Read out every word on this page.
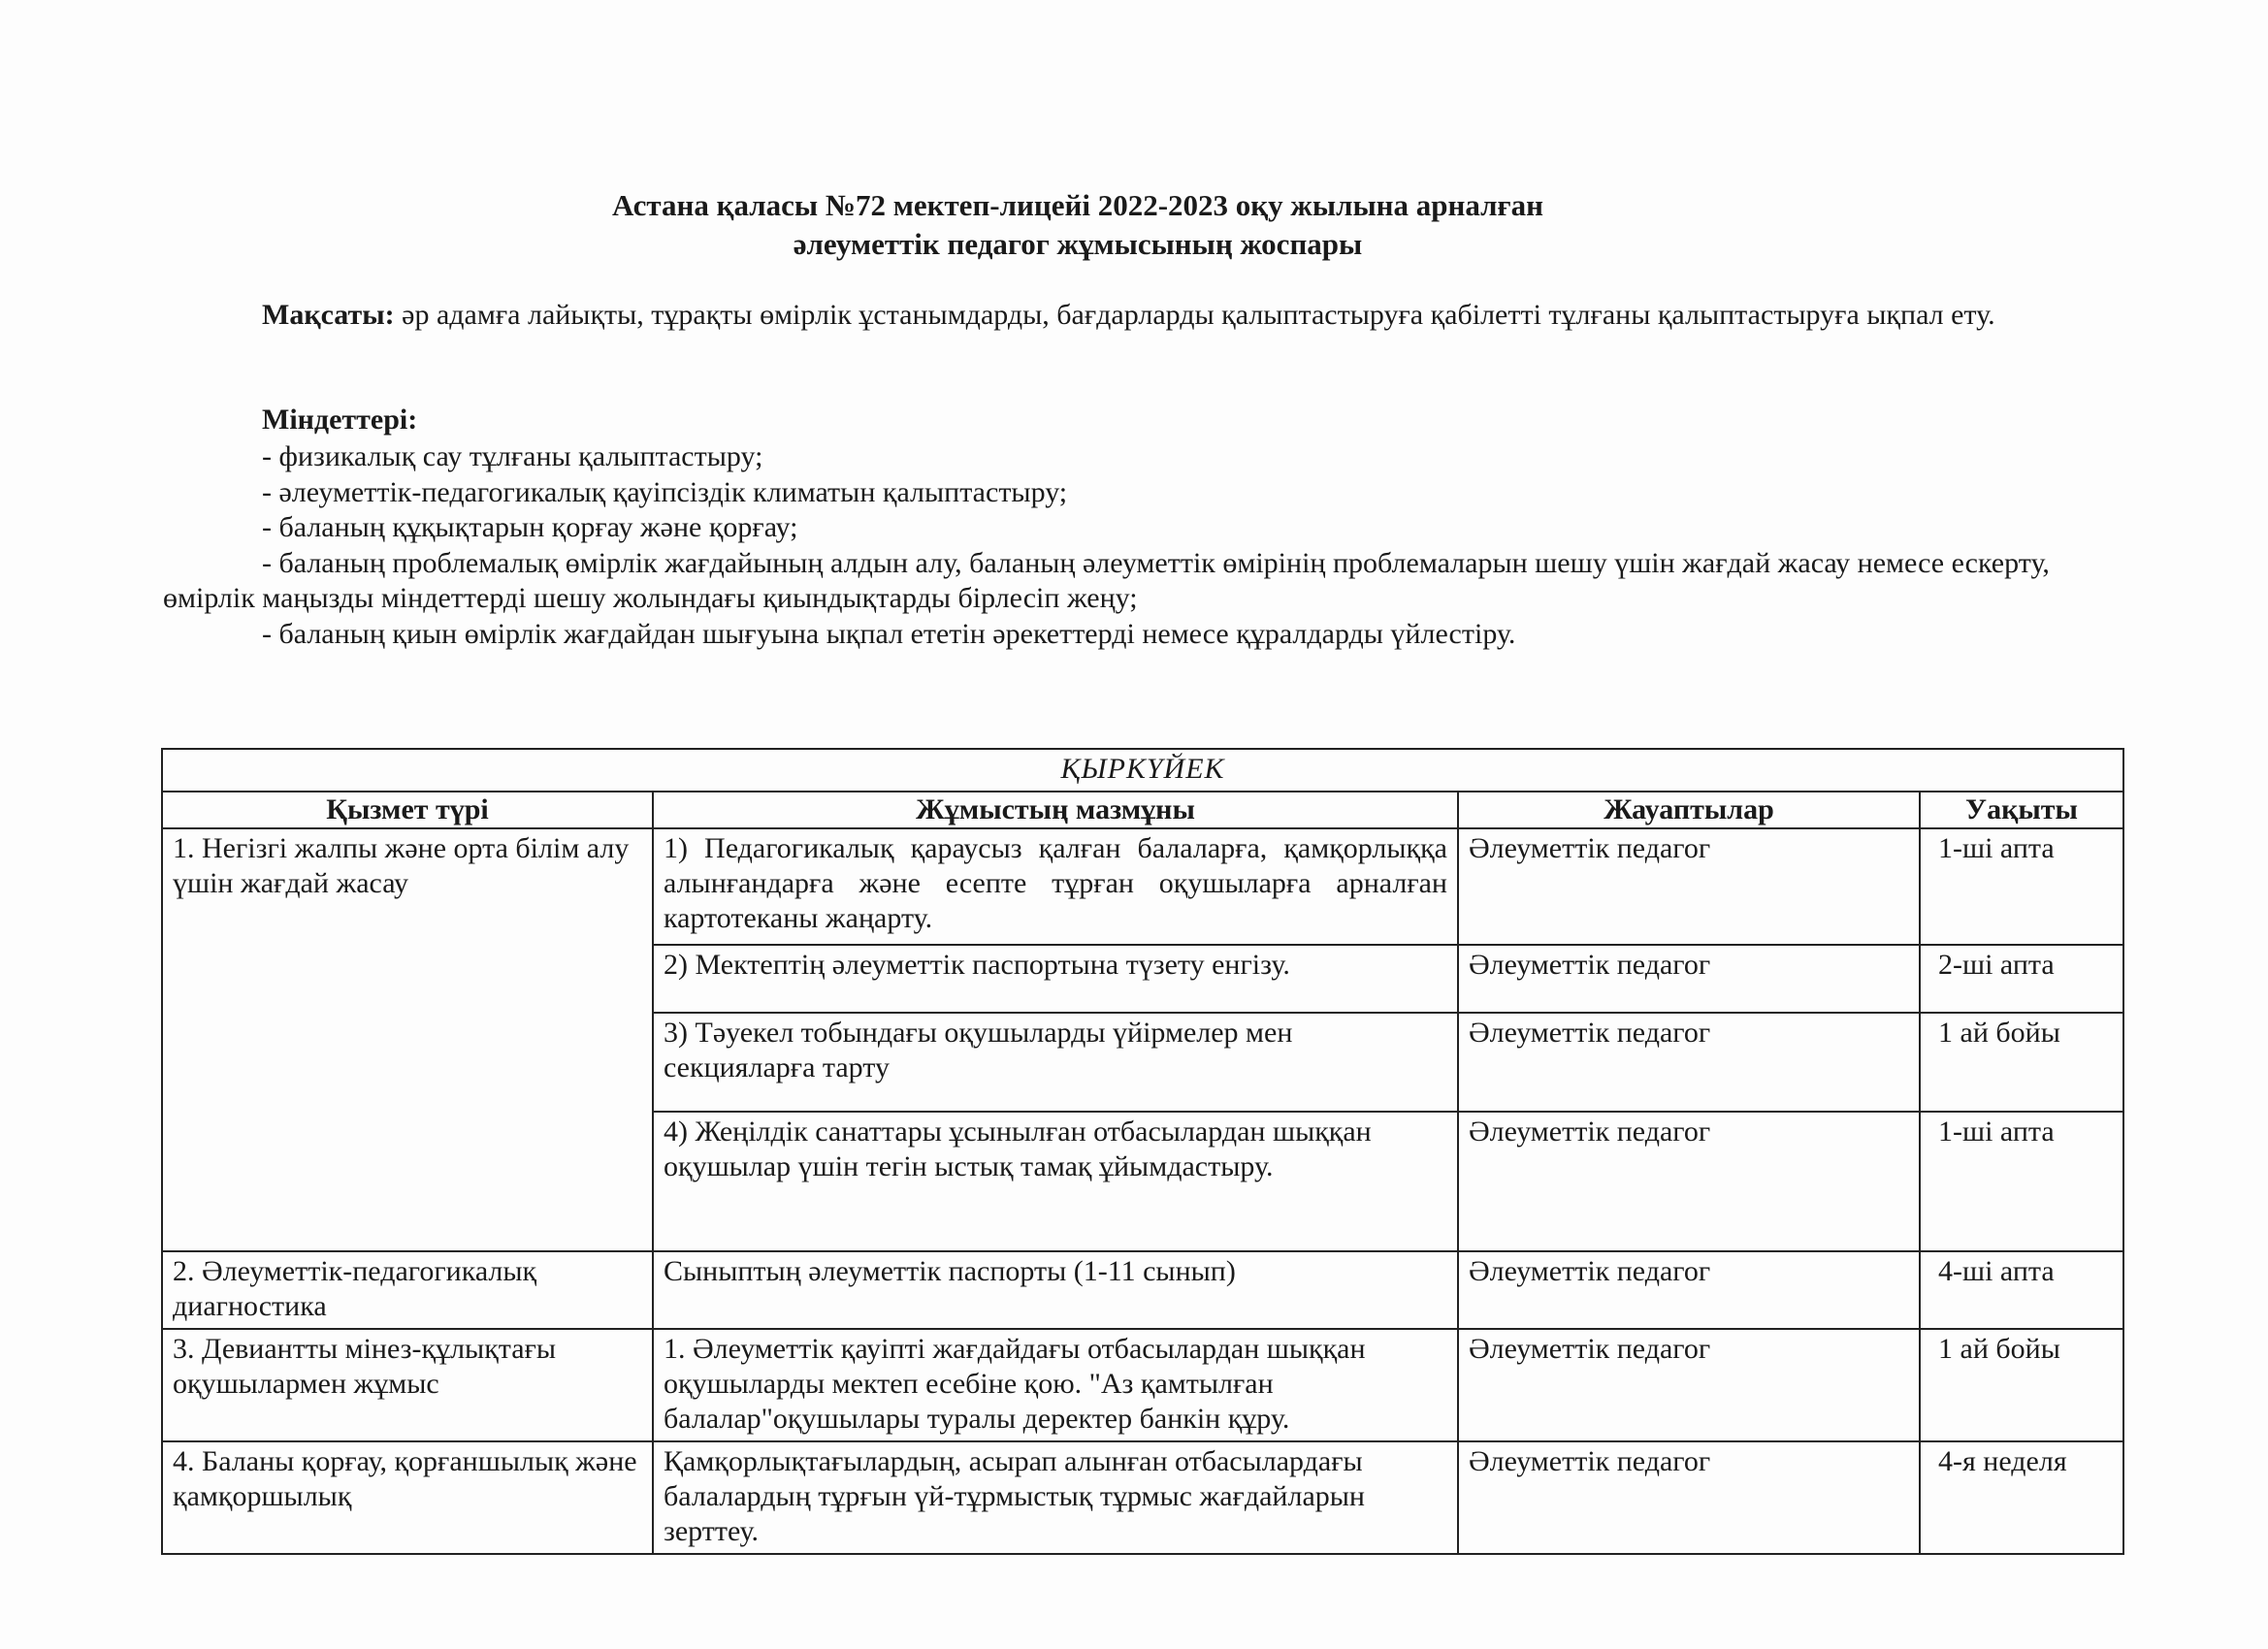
Астана қаласы №72 мектеп-лицейі 2022-2023 оқу жылына арналған
әлеуметтік педагог жұмысының жоспары

Мақсаты: әр адамға лайықты, тұрақты өмірлік ұстанымдарды, бағдарларды қалыптастыруға қабілетті тұлғаны қалыптастыруға ықпал ету.

Міндеттері:

- физикалық сау тұлғаны қалыптастыру;

- әлеуметтік-педагогикалық қауіпсіздік климатын қалыптастыру;

- баланың құқықтарын қорғау және қорғау;

- баланың проблемалық өмірлік жағдайының алдын алу, баланың әлеуметтік өмірінің проблемаларын шешу үшін жағдай жасау немесе ескерту, өмірлік маңызды міндеттерді шешу жолындағы қиындықтарды бірлесіп жеңу;

- баланың қиын өмірлік жағдайдан шығуына ықпал ететін әрекеттерді немесе құралдарды үйлестіру.

ҚЫРКҮЙЕК			
Қызмет түрі	Жұмыстың мазмұны	Жауаптылар	Уақыты
1. Негізгі жалпы және орта білім алу үшін жағдай жасау	1) Педагогикалық қараусыз қалған балаларға, қамқорлыққа алынғандарға және есепте тұрған оқушыларға арналған картотеканы жаңарту.	Әлеуметтік педагог	1-ші апта
	2) Мектептің әлеуметтік паспортына түзету енгізу.	Әлеуметтік педагог	2-ші апта
	3) Тәуекел тобындағы оқушыларды үйірмелер мен секцияларға тарту	Әлеуметтік педагог	1 ай бойы
	4) Жеңілдік санаттары ұсынылған отбасылардан шыққан оқушылар үшін тегін ыстық тамақ ұйымдастыру.	Әлеуметтік педагог	1-ші апта
2. Әлеуметтік-педагогикалық диагностика	Сыныптың әлеуметтік паспорты (1-11 сынып)	Әлеуметтік педагог	4-ші апта
3. Девиантты мінез-құлықтағы оқушылармен жұмыс	1. Әлеуметтік қауіпті жағдайдағы отбасылардан шыққан оқушыларды мектеп есебіне қою. "Аз қамтылған балалар"оқушылары туралы деректер банкін құру.	Әлеуметтік педагог	1 ай бойы
4. Баланы қорғау, қорғаншылық және қамқоршылық	Қамқорлықтағылардың, асырап алынған отбасылардағы балалардың тұрғын үй-тұрмыстық тұрмыс жағдайларын зерттеу.	Әлеуметтік педагог	4-я неделя
